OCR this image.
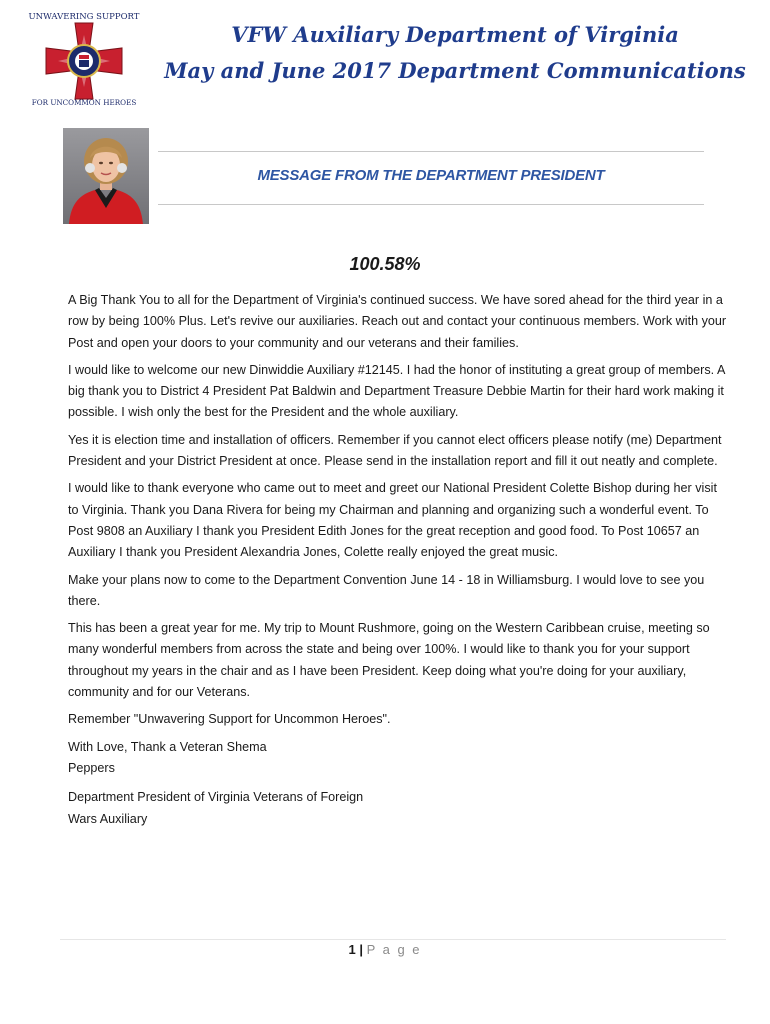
UNWAVERING SUPPORT
FOR UNCOMMON HEROES
VFW Auxiliary Department of Virginia
May and June 2017 Department Communications
MESSAGE FROM THE DEPARTMENT PRESIDENT
100.58%

A Big Thank You to all for the Department of Virginia's continued success. We have sored ahead for the third year in a row by being 100% Plus. Let's revive our auxiliaries. Reach out and contact your continuous members. Work with your Post and open your doors to your community and our veterans and their families.

I would like to welcome our new Dinwiddie Auxiliary #12145. I had the honor of instituting a great group of members. A big thank you to District 4 President Pat Baldwin and Department Treasure Debbie Martin for their hard work making it possible. I wish only the best for the President and the whole auxiliary.

Yes it is election time and installation of officers. Remember if you cannot elect officers please notify (me) Department President and your District President at once. Please send in the installation report and fill it out neatly and complete.

I would like to thank everyone who came out to meet and greet our National President Colette Bishop during her visit to Virginia. Thank you Dana Rivera for being my Chairman and planning and organizing such a wonderful event. To Post 9808 an Auxiliary I thank you President Edith Jones for the great reception and good food. To Post 10657 an Auxiliary I thank you President Alexandria Jones, Colette really enjoyed the great music.

Make your plans now to come to the Department Convention June 14 - 18 in Williamsburg. I would love to see you there.

This has been a great year for me. My trip to Mount Rushmore, going on the Western Caribbean cruise, meeting so many wonderful members from across the state and being over 100%. I would like to thank you for your support throughout my years in the chair and as I have been President. Keep doing what you're doing for your auxiliary, community and for our Veterans.

Remember "Unwavering Support for Uncommon Heroes".

With Love, Thank a Veteran Shema
Peppers

Department President of Virginia Veterans of Foreign
Wars Auxiliary

1 | P a g e
